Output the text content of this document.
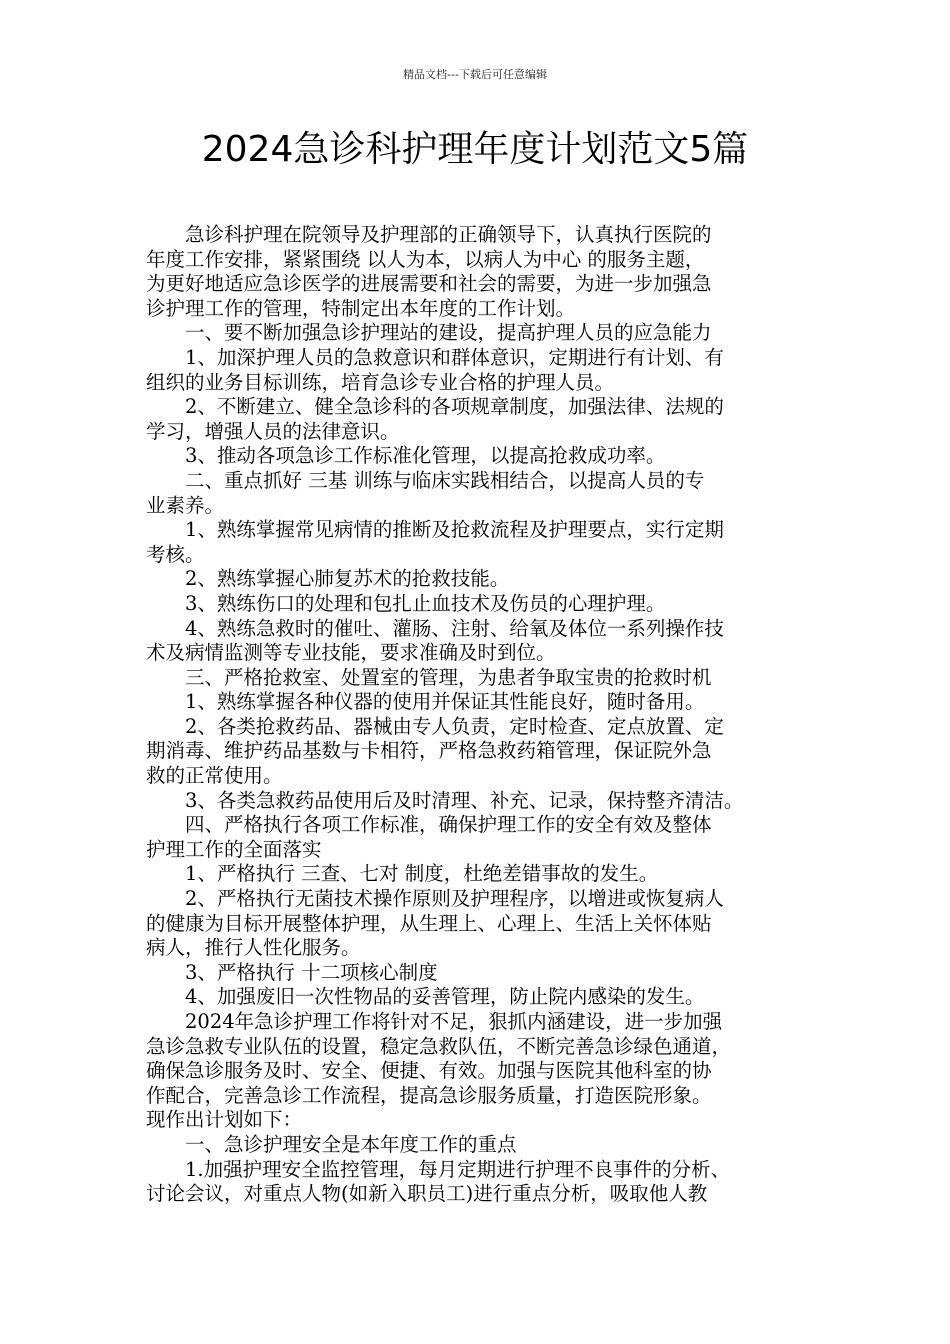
精品文档---下载后可任意编辑
2024急诊科护理年度计划范文5篇

　　急诊科护理在院领导及护理部的正确领导下，认真执行医院的

年度工作安排，紧紧围绕 以人为本，以病人为中心 的服务主题，

为更好地适应急诊医学的进展需要和社会的需要，为进一步加强急

诊护理工作的管理，特制定出本年度的工作计划。

　　一、要不断加强急诊护理站的建设，提高护理人员的应急能力

　　1、加深护理人员的急救意识和群体意识，定期进行有计划、有

组织的业务目标训练，培育急诊专业合格的护理人员。

　　2、不断建立、健全急诊科的各项规章制度，加强法律、法规的

学习，增强人员的法律意识。

　　3、推动各项急诊工作标准化管理，以提高抢救成功率。

　　二、重点抓好 三基 训练与临床实践相结合，以提高人员的专

业素养。

　　1、熟练掌握常见病情的推断及抢救流程及护理要点，实行定期

考核。

　　2、熟练掌握心肺复苏术的抢救技能。

　　3、熟练伤口的处理和包扎止血技术及伤员的心理护理。

　　4、熟练急救时的催吐、灌肠、注射、给氧及体位一系列操作技

术及病情监测等专业技能，要求准确及时到位。

　　三、严格抢救室、处置室的管理，为患者争取宝贵的抢救时机

　　1、熟练掌握各种仪器的使用并保证其性能良好，随时备用。

　　2、各类抢救药品、器械由专人负责，定时检查、定点放置、定

期消毒、维护药品基数与卡相符，严格急救药箱管理，保证院外急

救的正常使用。

　　3、各类急救药品使用后及时清理、补充、记录，保持整齐清洁。

　　四、严格执行各项工作标准，确保护理工作的安全有效及整体

护理工作的全面落实

　　1、严格执行 三查、七对 制度，杜绝差错事故的发生。

　　2、严格执行无菌技术操作原则及护理程序，以增进或恢复病人

的健康为目标开展整体护理，从生理上、心理上、生活上关怀体贴

病人，推行人性化服务。

　　3、严格执行 十二项核心制度

　　4、加强废旧一次性物品的妥善管理，防止院内感染的发生。

　　2024年急诊护理工作将针对不足，狠抓内涵建设，进一步加强

急诊急救专业队伍的设置，稳定急救队伍，不断完善急诊绿色通道，

确保急诊服务及时、安全、便捷、有效。加强与医院其他科室的协

作配合，完善急诊工作流程，提高急诊服务质量，打造医院形象。

现作出计划如下：

　　一、急诊护理安全是本年度工作的重点

　　1.加强护理安全监控管理，每月定期进行护理不良事件的分析、

讨论会议，对重点人物(如新入职员工)进行重点分析，吸取他人教
